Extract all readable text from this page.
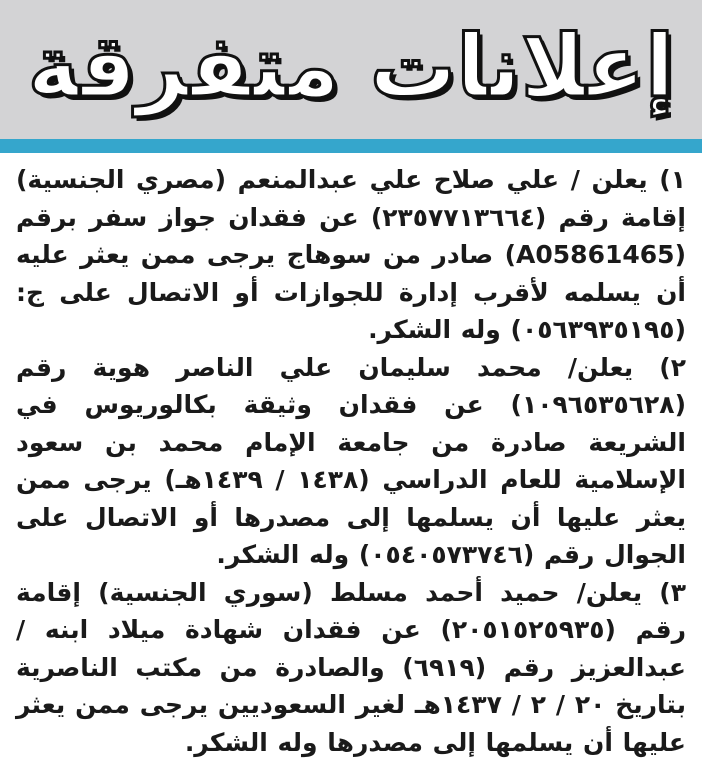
إعلانات متفرقة

١) يعلن / علي صلاح علي عبدالمنعم (مصري الجنسية) إقامة رقم (٢٣٥٧٧١٣٦٦٤) عن فقدان جواز سفر برقم (A05861465) صادر من سوهاج يرجى ممن يعثر عليه أن يسلمه لأقرب إدارة للجوازات أو الاتصال على ج: (٠٥٦٣٩٣٥١٩٥) وله الشكر.

٢) يعلن/ محمد سليمان علي الناصر هوية رقم (١٠٩٦٥٣٥٦٢٨) عن فقدان وثيقة بكالوريوس في الشريعة صادرة من جامعة الإمام محمد بن سعود الإسلامية للعام الدراسي (١٤٣٨ / ١٤٣٩هـ) يرجى ممن يعثر عليها أن يسلمها إلى مصدرها أو الاتصال على الجوال رقم (٠٥٤٠٥٧٣٧٤٦) وله الشكر.

٣) يعلن/ حميد أحمد مسلط (سوري الجنسية) إقامة رقم (٢٠٥١٥٢٥٩٣٥) عن فقدان شهادة ميلاد ابنه / عبدالعزيز رقم (٦٩١٩) والصادرة من مكتب الناصرية بتاريخ ٢٠ / ٢ / ١٤٣٧هـ لغير السعوديين يرجى ممن يعثر عليها أن يسلمها إلى مصدرها وله الشكر.
